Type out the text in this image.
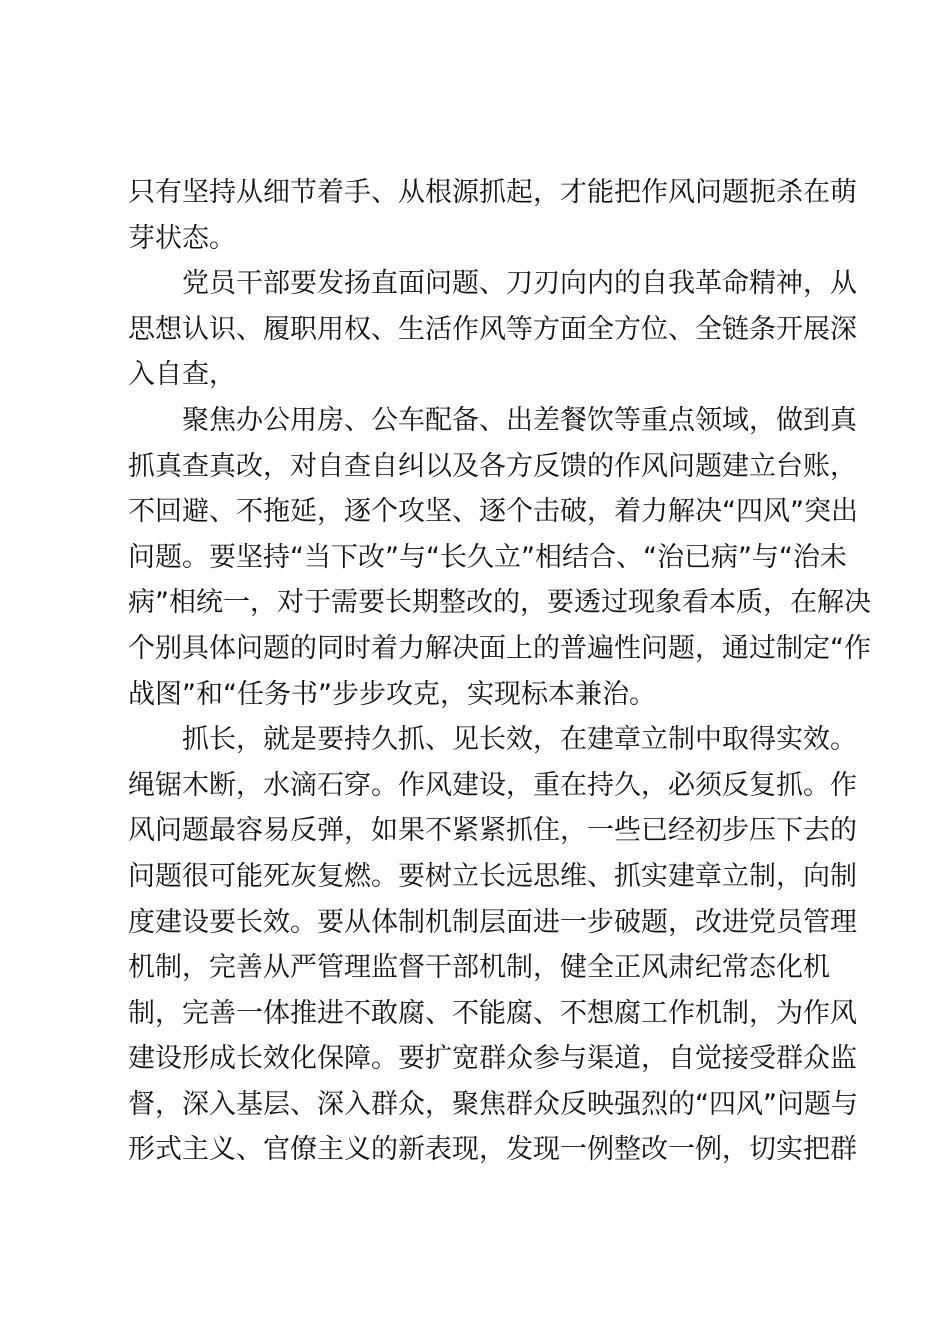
只有坚持从细节着手、从根源抓起，才能把作风问题扼杀在萌
芽状态。
　　党员干部要发扬直面问题、刀刃向内的自我革命精神，从
思想认识、履职用权、生活作风等方面全方位、全链条开展深
入自查，
　　聚焦办公用房、公车配备、出差餐饮等重点领域，做到真
抓真查真改，对自查自纠以及各方反馈的作风问题建立台账，
不回避、不拖延，逐个攻坚、逐个击破，着力解决“四风”突出
问题。要坚持“当下改”与“长久立”相结合、“治已病”与“治未
病”相统一，对于需要长期整改的，要透过现象看本质，在解决
个别具体问题的同时着力解决面上的普遍性问题，通过制定“作
战图”和“任务书”步步攻克，实现标本兼治。
　　抓长，就是要持久抓、见长效，在建章立制中取得实效。
绳锯木断，水滴石穿。作风建设，重在持久，必须反复抓。作
风问题最容易反弹，如果不紧紧抓住，一些已经初步压下去的
问题很可能死灰复燃。要树立长远思维、抓实建章立制，向制
度建设要长效。要从体制机制层面进一步破题，改进党员管理
机制，完善从严管理监督干部机制，健全正风肃纪常态化机
制，完善一体推进不敢腐、不能腐、不想腐工作机制，为作风
建设形成长效化保障。要扩宽群众参与渠道，自觉接受群众监
督，深入基层、深入群众，聚焦群众反映强烈的“四风”问题与
形式主义、官僚主义的新表现，发现一例整改一例，切实把群
